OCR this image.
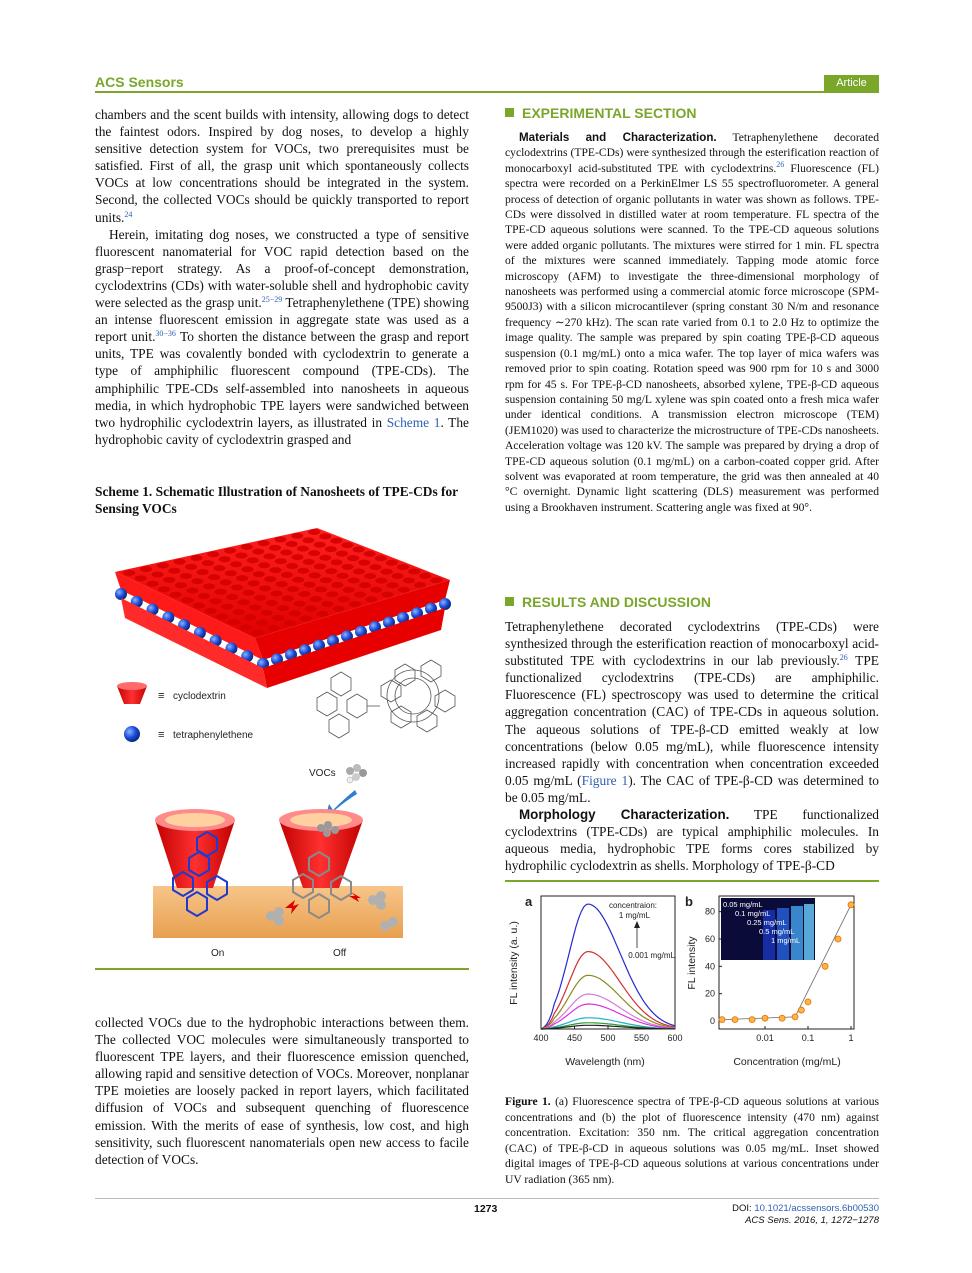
ACS Sensors	Article

chambers and the scent builds with intensity, allowing dogs to detect the faintest odors. Inspired by dog noses, to develop a highly sensitive detection system for VOCs, two prerequisites must be satisfied. First of all, the grasp unit which spontaneously collects VOCs at low concentrations should be integrated in the system. Second, the collected VOCs should be quickly transported to report units.$^{24}$

Herein, imitating dog noses, we constructed a type of sensitive fluorescent nanomaterial for VOC rapid detection based on the grasp−report strategy. As a proof-of-concept demonstration, cyclodextrins (CDs) with water-soluble shell and hydrophobic cavity were selected as the grasp unit.$^{25-29}$ Tetraphenylethene (TPE) showing an intense fluorescent emission in aggregate state was used as a report unit.$^{30-36}$ To shorten the distance between the grasp and report units, TPE was covalently bonded with cyclodextrin to generate a type of amphiphilic fluorescent compound (TPE-CDs). The amphiphilic TPE-CDs self-assembled into nanosheets in aqueous media, in which hydrophobic TPE layers were sandwiched between two hydrophilic cyclodextrin layers, as illustrated in Scheme 1. The hydrophobic cavity of cyclodextrin grasped and

Scheme 1. Schematic Illustration of Nanosheets of TPE-CDs for Sensing VOCs
≡ cyclodextrin
≡ tetraphenylethene
VOCs
On	Off

collected VOCs due to the hydrophobic interactions between them. The collected VOC molecules were simultaneously transported to fluorescent TPE layers, and their fluorescence emission quenched, allowing rapid and sensitive detection of VOCs. Moreover, nonplanar TPE moieties are loosely packed in report layers, which facilitated diffusion of VOCs and subsequent quenching of fluorescence emission. With the merits of ease of synthesis, low cost, and high sensitivity, such fluorescent nanomaterials open new access to facile detection of VOCs.

EXPERIMENTAL SECTION

Materials and Characterization. Tetraphenylethene decorated cyclodextrins (TPE-CDs) were synthesized through the esterification reaction of monocarboxyl acid-substituted TPE with cyclodextrins.$^{26}$ Fluorescence (FL) spectra were recorded on a PerkinElmer LS 55 spectrofluorometer. A general process of detection of organic pollutants in water was shown as follows. TPE-CDs were dissolved in distilled water at room temperature. FL spectra of the TPE-CD aqueous solutions were scanned. To the TPE-CD aqueous solutions were added organic pollutants. The mixtures were stirred for 1 min. FL spectra of the mixtures were scanned immediately. Tapping mode atomic force microscopy (AFM) to investigate the three-dimensional morphology of nanosheets was performed using a commercial atomic force microscope (SPM-9500J3) with a silicon microcantilever (spring constant 30 N/m and resonance frequency ∼270 kHz). The scan rate varied from 0.1 to 2.0 Hz to optimize the image quality. The sample was prepared by spin coating TPE-β-CD aqueous suspension (0.1 mg/mL) onto a mica wafer. The top layer of mica wafers was removed prior to spin coating. Rotation speed was 900 rpm for 10 s and 3000 rpm for 45 s. For TPE-β-CD nanosheets, absorbed xylene, TPE-β-CD aqueous suspension containing 50 mg/L xylene was spin coated onto a fresh mica wafer under identical conditions. A transmission electron microscope (TEM) (JEM1020) was used to characterize the microstructure of TPE-CDs nanosheets. Acceleration voltage was 120 kV. The sample was prepared by drying a drop of TPE-CD aqueous solution (0.1 mg/mL) on a carbon-coated copper grid. After solvent was evaporated at room temperature, the grid was then annealed at 40 °C overnight. Dynamic light scattering (DLS) measurement was performed using a Brookhaven instrument. Scattering angle was fixed at 90°.

RESULTS AND DISCUSSION

Tetraphenylethene decorated cyclodextrins (TPE-CDs) were synthesized through the esterification reaction of monocarboxyl acid-substituted TPE with cyclodextrins in our lab previously.$^{26}$ TPE functionalized cyclodextrins (TPE-CDs) are amphiphilic. Fluorescence (FL) spectroscopy was used to determine the critical aggregation concentration (CAC) of TPE-CDs in aqueous solution. The aqueous solutions of TPE-β-CD emitted weakly at low concentrations (below 0.05 mg/mL), while fluorescence intensity increased rapidly with concentration when concentration exceeded 0.05 mg/mL (Figure 1). The CAC of TPE-β-CD was determined to be 0.05 mg/mL.

Morphology Characterization. TPE functionalized cyclodextrins (TPE-CDs) are typical amphiphilic molecules. In aqueous media, hydrophobic TPE forms cores stabilized by hydrophilic cyclodextrin as shells. Morphology of TPE-β-CD

a	b
400 450 500 550 600
concentraion:
1 mg/mL
0.001 mg/mL
Wavelength (nm)
FL intensity (a. u.)
0.01	0.1	1
0
20
40
60
80
0.05 mg/mL
0.1 mg/mL
0.25 mg/mL
0.5 mg/mL
1 mg/mL
Concentration (mg/mL)
FL intensity
Figure 1. (a) Fluorescence spectra of TPE-β-CD aqueous solutions at various concentrations and (b) the plot of fluorescence intensity (470 nm) against concentration. Excitation: 350 nm. The critical aggregation concentration (CAC) of TPE-β-CD in aqueous solutions was 0.05 mg/mL. Inset showed digital images of TPE-β-CD aqueous solutions at various concentrations under UV radiation (365 nm).
1273	DOI: 10.1021/acssensors.6b00530
ACS Sens. 2016, 1, 1272−1278
